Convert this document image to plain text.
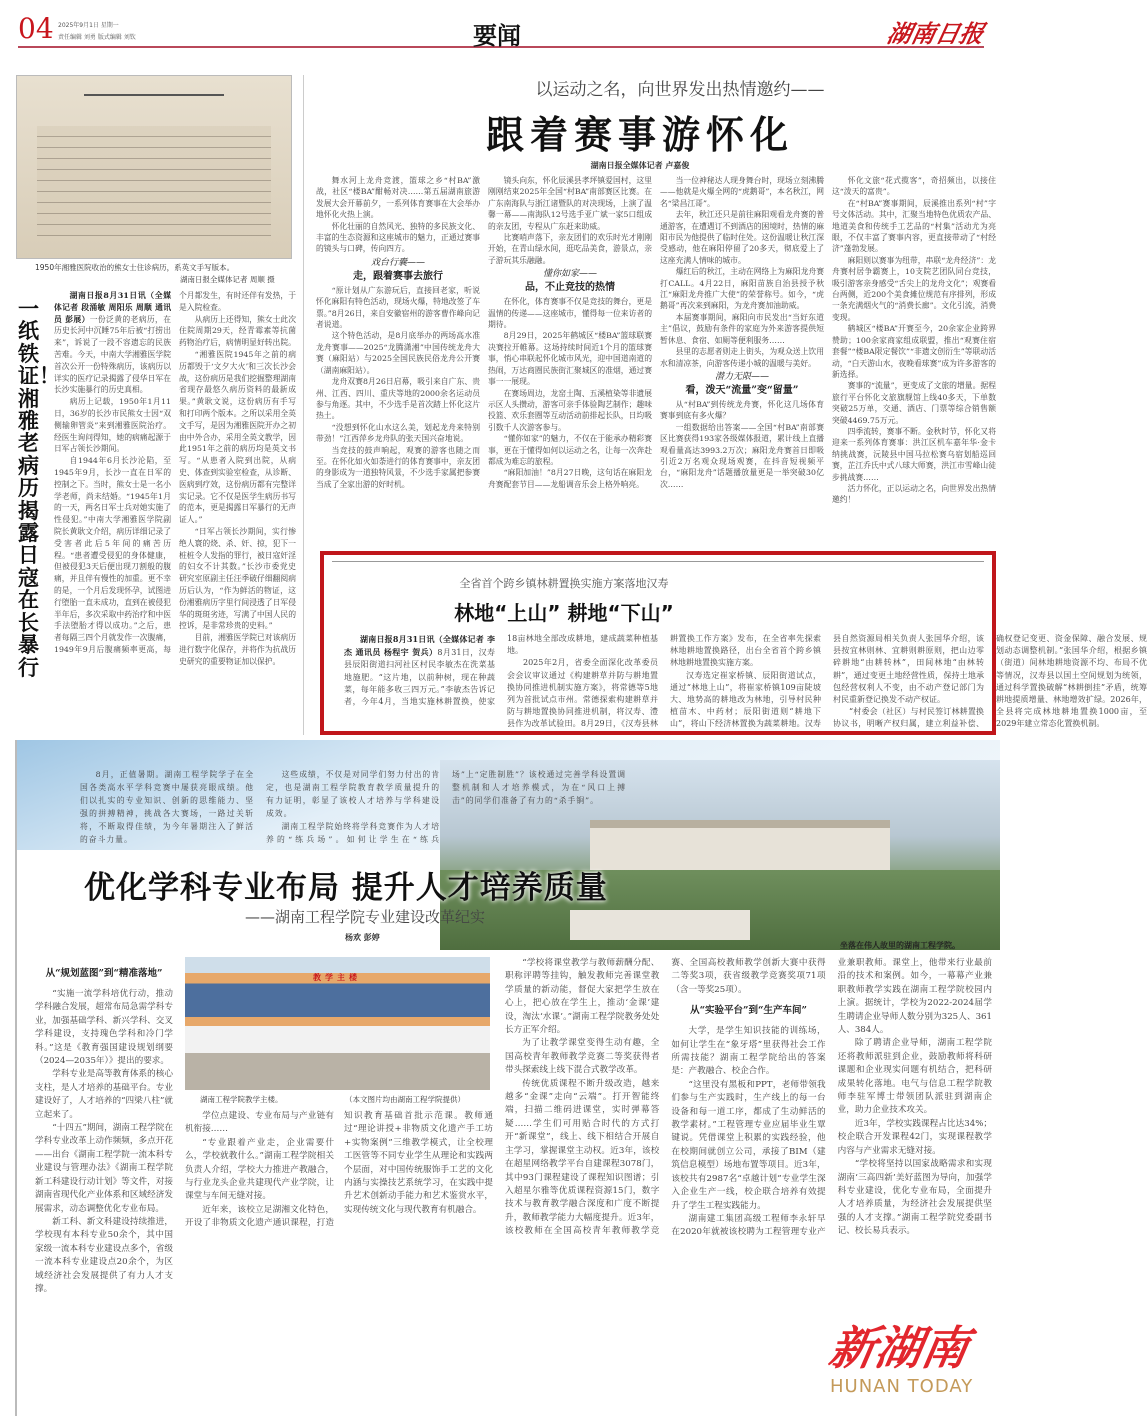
04 2025年9月1日 星期一
责任编辑 刘勇 版式编辑 刘钦	要闻	湖南日报
1950年湘雅医院收治的熊女士住诊病历，系英文手写版本。
湖南日报全媒体记者 周顺 摄
一纸铁证！湘雅老病历揭露日寇在长暴行

湖南日报8月31日讯（全媒体记者 段涌敏 周阳乐 周顺 通讯员 彭展）一份泛黄的老病历，在历史长河中沉睡75年后被“打捞出来”，诉说了一段不容遗忘的民族苦难。今天，中南大学湘雅医学院首次公开一份特殊病历，该病历以详实的医疗记录揭露了侵华日军在长沙实施暴行的历史真相。

病历上记载，1950年1月11日，36岁的长沙市民熊女士因“双侧输卵管炎”来到湘雅医院治疗。经医生询问得知，她的病痛起源于日军占领长沙期间。

自1944年6月长沙沦陷，至1945年9月，长沙一直在日军的控制之下。当时，熊女士是一名小学老师，尚未结婚。“1945年1月的一天，两名日军士兵对她实施了性侵犯。”中南大学湘雅医学院副院长黄耿文介绍，病历详细记录了受害者此后5年间的痛苦历程。“患者遭受侵犯的身体健康，但被侵犯3天后便出现刀割般的腹痛，并且伴有慢性的加重。更不幸的是，一个月后发现怀孕，试图进行堕胎一直未成功，直到在被侵犯半年后，多次采取中药治疗和中医手法堕胎才得以成功。”之后，患者每隔三四个月就发作一次腹痛，1949年9月后腹痛频率更高，每个月都发生，有时还伴有发热，于是入院检查。

从病历上还得知，熊女士此次住院周期29天，经青霉素等抗菌药物治疗后，病情明显好转出院。

“湘雅医院1945年之前的病历都毁于‘文夕大火’和三次长沙会战，这份病历是我们挖掘整理湖南省现存最悠久病历资料的最新成果。”黄耿文说，这份病历有手写和打印两个版本。之所以采用全英文手写，是因为湘雅医院开办之初由中外合办，采用全英文教学，因此1951年之前的病历均是英文书写。“从患者入院到出院，从病史、体查到实验室检查，从诊断、医病到疗效，这份病历都有完整详实记录。它不仅是医学生病历书写的范本，更是揭露日军暴行的无声证人。”

“日军占领长沙期间，实行惨绝人寰的烧、杀、奸、掠，犯下一桩桩令人发指的罪行，被日寇奸淫的妇女不计其数。”长沙市委党史研究室原副主任汪季破仔细翻阅病历后认为，“作为鲜活的物证，这份湘雅病历字里行间浸透了日军侵华的斑斑劣迹，写满了中国人民的控诉，是非常珍贵的史料。”

目前，湘雅医学院已对该病历进行数字化保存，并将作为抗战历史研究的重要物证加以保护。

以运动之名，向世界发出热情邀约——
跟着赛事游怀化
湖南日报全媒体记者 卢嘉俊

舞水河上龙舟竞渡，篮球之乡“村BA”激战，社区“楼BA”酣畅对决……第五届湖南旅游发展大会开幕前夕，一系列体育赛事在大会举办地怀化火热上演。

怀化壮丽的自然风光、独特的多民族文化、丰富的生态资源和这座城市的魅力，正通过赛事的镜头与口碑，传向四方。

戏台行囊——
走，跟着赛事去旅行

“原计划从广东游玩后，直接回老家，听说怀化麻阳有特色活动，现场火爆，特地改签了车票。”8月26日，来自安徽宿州的游客曹作峰向记者说道。

这个特色活动，是8月底举办的两场高水准龙舟赛事——2025“龙腾潇湘”中国传统龙舟大赛（麻阳站）与2025全国民族民俗龙舟公开赛（湖南麻阳站）。

龙舟双赛8月26日启幕，吸引来自广东、贵州、江西、四川、重庆等地的2000余名运动员参与角逐。其中，不少选手是首次踏上怀化这片热土。

“没想到怀化山水这么美，划起龙舟来特别带劲！”江西萍乡龙舟队的张天国兴奋地说。

当竞技的鼓声响起，观赛的游客也随之而至。在怀化如火如荼进行的体育赛事中，亲友团的身影成为一道独特风景，不少选手家属把参赛当成了全家出游的好时机。

镜头向东，怀化辰溪县孝坪镇爱国村，这里刚刚结束2025年全国“村BA”南部赛区比赛。在广东南海队与浙江诸暨队的对决现场，上演了温馨一幕——南海队12号选手亚广斌一家5口组成的亲友团，专程从广东赶来助威。

比赛哨声落下，亲友团们的欢乐时光才刚刚开始，在青山绿水间，逛吃品美食，游景点，亲子游玩其乐融融。

懂你如家——
品，不止竞技的热情

在怀化，体育赛事不仅是竞技的舞台，更是温情的传递——这座城市，懂得每一位来访者的期待。

8月29日，2025年鹤城区“楼BA”篮球联赛决赛拉开帷幕。这场持续时间近1个月的篮球赛事，悄心串联起怀化城市风光，迎中国道南道的热闹，万达商圈民族街汇聚城区的准烟，通过赛事一一展现。

在赛场周边，龙窑土陶、五溪植染等非遗展示区人头攒动，游客可亲手体验陶艺制作；趣味投篮、欢乐套圈等互动活动前排起长队，日均吸引数千人次游客参与。

“懂你如家”的魅力，不仅在于能承办精彩赛事，更在于懂得如何以运动之名，让每一次奔赴都成为难忘的旅程。

“麻阳加油！”8月27日晚，这句话在麻阳龙舟赛配套节目——龙船调音乐会上格外响亮。

当一位神秘达人现身舞台时，现场立刻沸腾——他就是火爆全网的“虎鹅哥”，本名秋江，网名“梁昌江哥”。

去年，秋江还只是前往麻阳观看龙舟赛的普通游客，在遭遇订不到酒店的困境时，热情的麻阳市民为他提供了临时住处。这份温暖让秋江深受感动，他在麻阳停留了20多天，彻底爱上了这座充满人情味的城市。

爆红后的秋江，主动在网络上为麻阳龙舟赛打CALL。4月22日，麻阳苗族自治县授予秋江“麻阳龙舟推广大使”的荣誉称号。如今，“虎鹅哥”再次来到麻阳，为龙舟赛加油助威。

本届赛事期间，麻阳向市民发出“当好东道主”倡议，鼓励有条件的家庭为外来游客提供短暂休息、食宿、如厕等便利服务……

县里的志愿者则走上街头，为观众送上饮用水和清凉茶，向游客传递小城的温暖与美好。

潜力无限——
看，泼天“流量”变“留量”

从“村BA”到传统龙舟赛，怀化这几场体育赛事到底有多火爆？

一组数据给出答案——全国“村BA”南部赛区比赛获得193家各级媒体报道，累计线上直播观看量高达3993.2万次；麻阳龙舟赛首日即吸引近2万名观众现场观赛，在抖音短视频平台，“麻阳龙舟”话题播放量更是一举突破30亿次……

怀化文旅“花式揽客”，奇招频出，以接住这“泼天的富贵”。

在“村BA”赛事期间，辰溪推出系列“村”字号文体活动。其中，汇聚当地特色优质农产品、地道美食和传统手工艺品的“村集”活动尤为亮眼，不仅丰富了赛事内容，更直接带动了“村经济”蓬勃发展。

麻阳则以赛事为纽带，串联“龙舟经济”：龙舟赛村居争霸赛上，10支院艺团队同台竞技，吸引游客亲身感受“舌尖上的龙舟文化”；观赛看台两侧，近200个美食摊位规范有序排列，形成一条充满烟火气的“消费长廊”。文化引流，消费变现。

鹤城区“楼BA”开赛至今，20余家企业跨界赞助；100余家商家组成联盟，推出“观赛住宿套餐”“楼BA限定餐饮”“非遗文创衍生”等联动活动，“白天游山水，夜晚看球赛”成为许多游客的新选择。

赛事的“流量”，更变成了文旅的增量。据程旅行平台怀化文旅旗舰馆上线40多天，下单数突破25万单，交通、酒店、门票等综合销售额突破4469.75万元。

四季流转，赛事不断。金秋时节，怀化又将迎来一系列体育赛事：洪江区机车嘉年华·金卡纳挑战赛，沅陵县中国马拉松赛乌宿划船巡回赛，芷江乔氏中式八球大师赛，洪江市雪峰山徒步挑战赛……

活力怀化，正以运动之名，向世界发出热情邀约！

全省首个跨乡镇林耕置换实施方案落地汉寿
林地“上山” 耕地“下山”

湖南日报8月31日讯（全媒体记者 李杰 通讯员 杨程宇 贺兵）8月31日，汉寿县辰阳街道扫河社区村民李敏杰在洗菜基地施肥。“这片地，以前种树，现在种蔬菜，每年能多收三四万元。”李敏杰告诉记者，今年4月，当地实施林耕置换，使家18亩林地全部改成耕地，建成蔬菜种植基地。

2025年2月，省委全面深化改革委员会会议审议通过《构建耕草并防与耕地置换协同推进机制实施方案》，将常德等5地列为首批试点市州。常德探索构建耕草并防与耕地置换协同推进机制，将汉寿、澧县作为改革试验田。8月29日，《汉寿县林耕置换工作方案》发布，在全省率先探索林地耕地置换路径，出台全省首个跨乡镇林地耕地置换实施方案。

汉寿选定崔家桥镇、辰阳街道试点，通过“林地上山”，将崔家桥镇109亩陡坡大、地势高的耕地改为林地，引导村民种植苗木、中药材；辰阳街道则“耕地下山”，将山下经济林置换为蔬菜耕地。汉寿县自然资源局相关负责人张国华介绍，该县按宜林则林、宜耕则耕原则，把山边零碎耕地“由耕转林”，田间林地“由林转耕”，通过变更土地经营性质，保持土地承包经营权利人不变，由不动产登记部门为村民重新登记换发不动产权证。

“村委会（社区）与村民签订林耕置换协议书，明晰产权归属，建立利益补偿、确权登记变更、资金保障、融合发展、规划动态调整机制。”张国华介绍，根据乡镇（街道）间林地耕地资源不均、布局不优等情况，汉寿县以国土空间规划为统领，通过科学置换破解“林耕倒挂”矛盾，统筹耕地提质增量、林地增效扩绿。2026年，全县将完成林地耕地置换1000亩，至2029年建立常态化置换机制。

8月，正值暑期。湖南工程学院学子在全国各类高水平学科竞赛中屡获亮眼成绩。他们以扎实的专业知识、创新的思维能力、坚强的拼搏精神，挑战各大赛场，一路过关斩将，不断取得佳绩，为今年暑期注入了鲜活的奋斗力量。

这些成绩，不仅是对同学们努力付出的肯定，也是湖南工程学院教育教学质量提升的有力证明，彰显了该校人才培养与学科建设成效。

湖南工程学院始终将学科竞赛作为人才培养的“练兵场”。如何让学生在“练兵场”上“定胜制胜”？该校通过完善学科设置调整机制和人才培养模式，为在“风口上搏击”的同学们准备了有力的“杀手锏”。

优化学科专业布局 提升人才培养质量
——湖南工程学院专业建设改革纪实
杨欢 彭婷
坐落在伟人故里的湖南工程学院。
教学主楼
湖南工程学院教学主楼。	（本文图片均由湖南工程学院提供）
从“规划蓝图”到“精准落地”

“实施一流学科培优行动，推动学科融合发展，超常布局急需学科专业，加强基础学科、新兴学科、交叉学科建设，支持瑰色学科和冷门学科。”这是《教育强国建设规划纲要（2024—2035年）》提出的要求。

学科专业是高等教育体系的核心支柱，是人才培养的基础平台。专业建设好了，人才培养的“四梁八柱”就立起来了。

“十四五”期间，湖南工程学院在学科专业改革上动作频频，多点开花——出台《湖南工程学院一流本科专业建设与管理办法》《湖南工程学院新工科建设行动计划》等文件，对接湖南省现代化产业体系和区域经济发展需求，动态调整优化专业布局。

新工科、新文科建设持续推进，学校现有本科专业50余个，其中国家级一流本科专业建设点多个，省级一流本科专业建设点20余个，为区域经济社会发展提供了有力人才支撑。

学位点建设、专业布局与产业链有机衔接……

“专业跟着产业走，企业需要什么，学校就教什么。”湖南工程学院相关负责人介绍，学校大力推进产教融合，与行业龙头企业共建现代产业学院，让课堂与车间无缝对接。

近年来，该校立足湖湘文化特色，开设了非物质文化遗产通识课程，打造知识教育基础首批示范课。教师通过“理论讲授+非物质文化遗产手工坊+实物案例”三维教学模式，让全校理工医管等不同专业学生从理论和实践两个层面，对中国传统服饰手工艺的文化内涵与实操技艺系统学习，在实践中提升艺术创新动手能力和艺术鉴赏水平，实现传统文化与现代教育有机融合。

“学校将课堂教学与教师薪酬分配、职称评聘等挂钩，触发教师完善课堂教学质量的新动能，督促大家把学生放在心上，把心放在学生上，推动‘金课’建设，淘汰‘水课’。”湖南工程学院教务处处长方正军介绍。

为了让教学课堂变得生动有趣，全国高校青年教师教学竞赛二等奖获得者带头探索线上线下混合式教学改革。

传统优质课程不断升级改造，越来越多“金课”走向“云端”。打开智能终端，扫描二维码进课堂，实时弹幕答疑……学生们可用贴合时代的方式打开“新课堂”，线上、线下相结合开展自主学习，掌握课堂主动权。近3年，该校在超星网络教学平台自建课程3078门，其中93门课程建设了课程知识图谱；引入超星尔雅等优质课程资源15门，数字技术与教育教学融合深度和广度不断提升，教师教学能力大幅度提升。近3年，该校教师在全国高校青年教师教学竞赛、全国高校教师教学创新大赛中获得二等奖3项，获省级教学竞赛奖项71项（含一等奖25项）。

从“实验平台”到“生产车间”

大学，是学生知识技能的训练场，如何让学生在“象牙塔”里获得社会工作所需技能？湖南工程学院给出的答案是：产教融合、校企合作。

“这里没有黑板和PPT，老师带领我们参与生产实践时，生产线上的每一台设备和每一道工序，都成了生动鲜活的教学素材。”工程管理专业应届毕业生覃键说。凭借课堂上积累的实践经验，他在校期间就创立公司，承接了BIM（建筑信息模型）场地布置等项目。近3年，该校共有2987名“卓越计划”专业学生深入企业生产一线，校企联合培养有效提升了学生工程实践能力。

湖南建工集团高级工程师李永轩早在2020年就被该校聘为工程管理专业产业兼职教师。课堂上，他带来行业最前沿的技术和案例。如今，一幕幕产业兼职教师教学实践在湖南工程学院校园内上演。据统计，学校为2022-2024届学生聘请企业导师人数分别为325人、361人、384人。

除了聘请企业导师，湖南工程学院还将教师派驻到企业，鼓励教师将科研课题和企业现实问题有机结合，把科研成果转化落地。电气与信息工程学院教师李驻军博士带领团队派驻到湖南企业，助力企业技术攻关。

近3年，学校实践课程占比达34%；校企联合开发课程42门，实现课程教学内容与产业需求无缝对接。

“学校将坚持以国家战略需求和实现湖南‘三高四新’美好蓝图为导向，加强学科专业建设，优化专业布局，全面提升人才培养质量，为经济社会发展提供坚强的人才支撑。”湖南工程学院党委副书记、校长易兵表示。

新湖南
HUNAN TODAY
